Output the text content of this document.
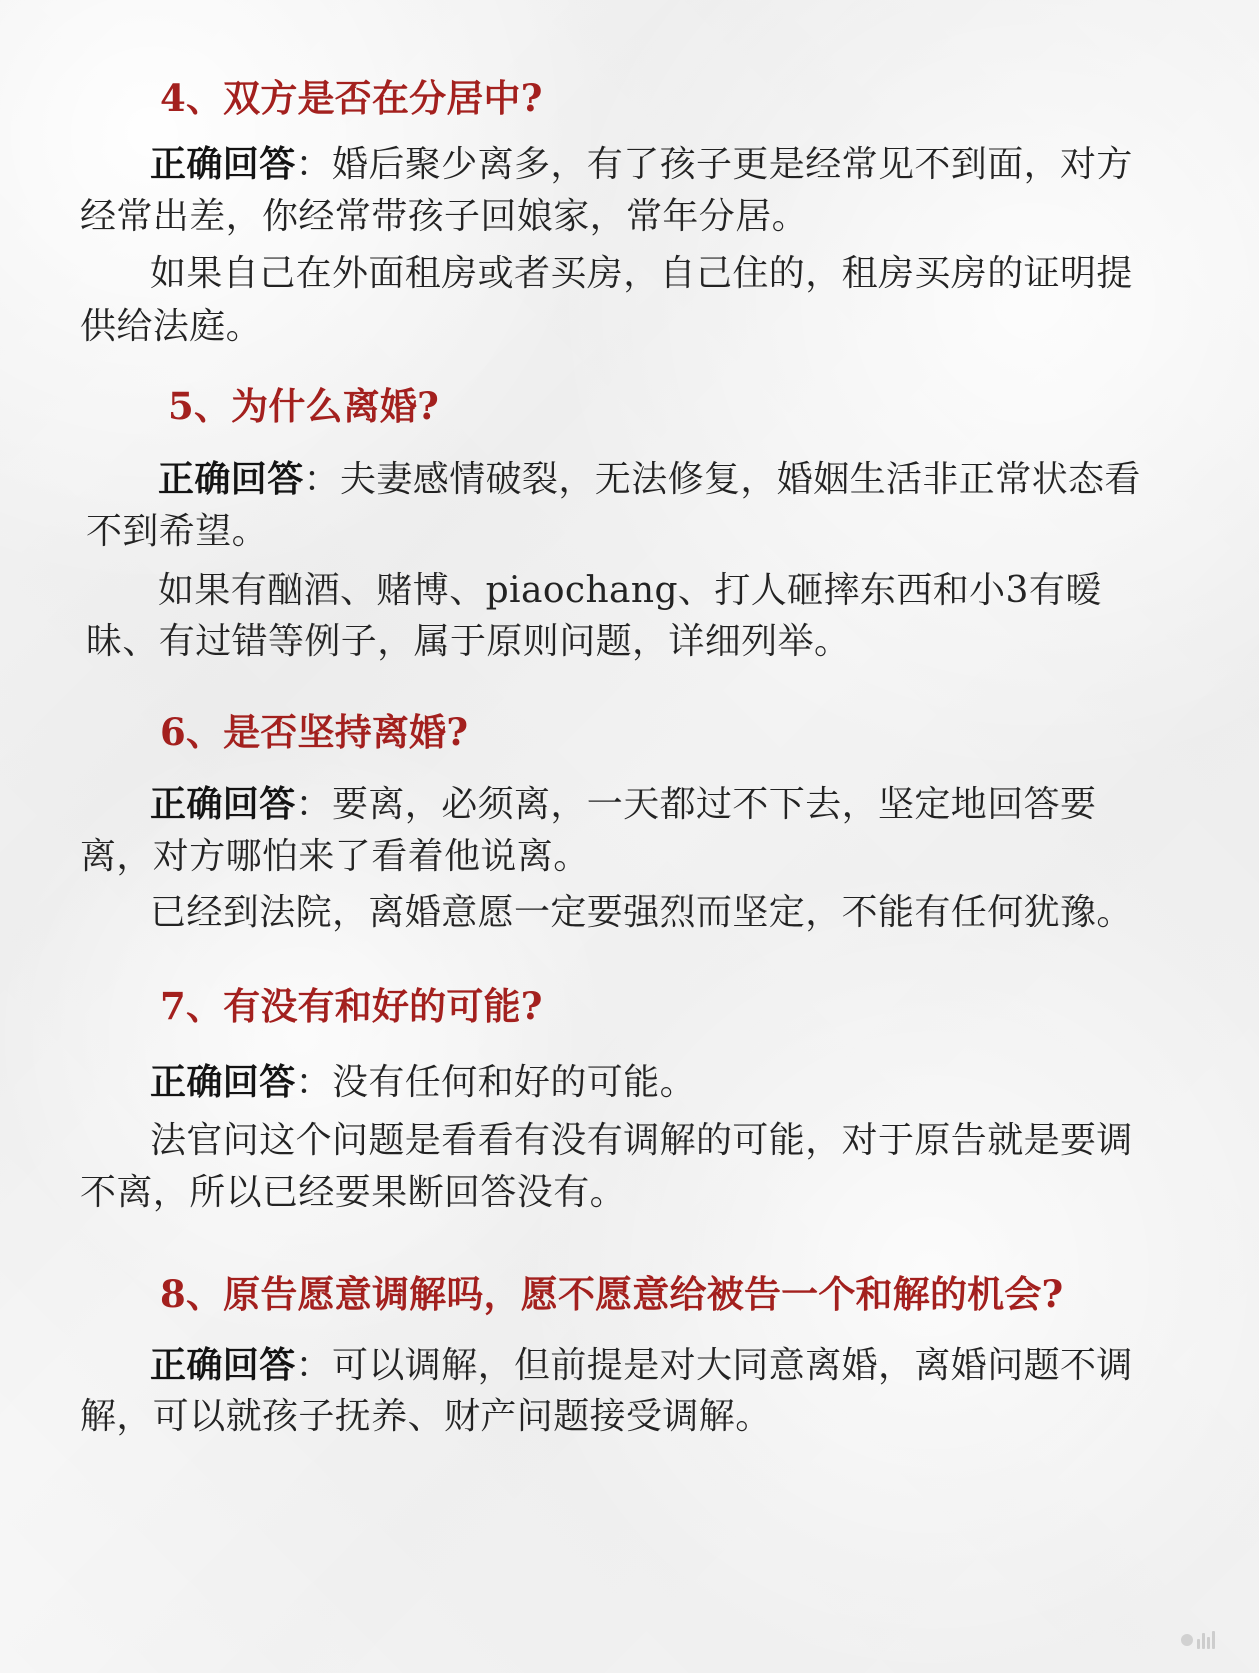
4、双方是否在分居中?

正确回答：婚后聚少离多，有了孩子更是经常见不到面，对方

经常出差，你经常带孩子回娘家，常年分居。

如果自己在外面租房或者买房，自己住的，租房买房的证明提

供给法庭。

5、为什么离婚?

正确回答：夫妻感情破裂，无法修复，婚姻生活非正常状态看

不到希望。

如果有酗酒、赌博、piaochang、打人砸摔东西和小3有暧

昧、有过错等例子，属于原则问题，详细列举。

6、是否坚持离婚?

正确回答：要离，必须离，一天都过不下去，坚定地回答要

离，对方哪怕来了看着他说离。

已经到法院，离婚意愿一定要强烈而坚定，不能有任何犹豫。

7、有没有和好的可能?

正确回答：没有任何和好的可能。

法官问这个问题是看看有没有调解的可能，对于原告就是要调

不离，所以已经要果断回答没有。

8、原告愿意调解吗，愿不愿意给被告一个和解的机会?

正确回答：可以调解，但前提是对大同意离婚，离婚问题不调

解，可以就孩子抚养、财产问题接受调解。
